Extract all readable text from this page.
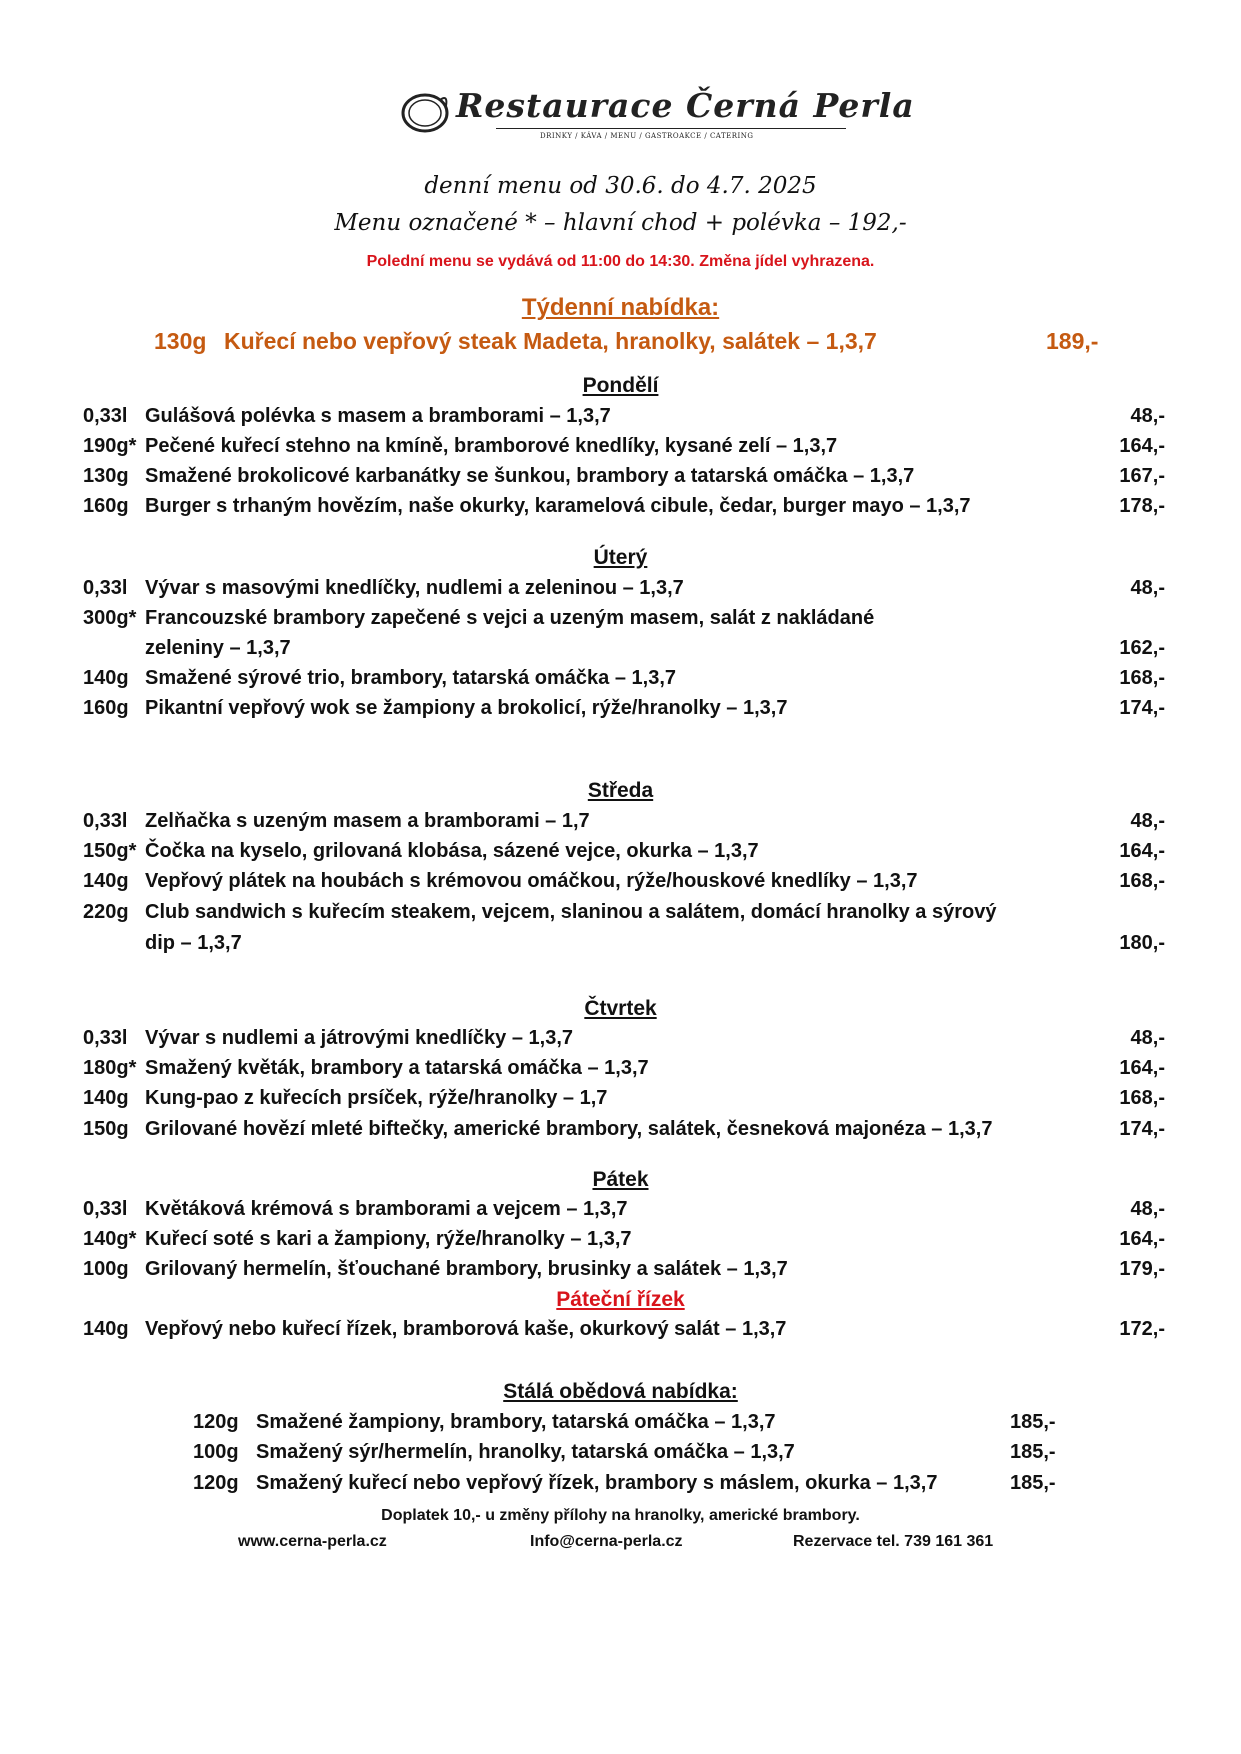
Restaurace Černá Perla
DRINKY / KÁVA / MENU / GASTROAKCE / CATERING
denní menu od 30.6. do 4.7. 2025
Menu označené * – hlavní chod + polévka – 192,-
Polední menu se vydává od 11:00 do 14:30. Změna jídel vyhrazena.
Týdenní nabídka:
130g Kuřecí nebo vepřový steak Madeta, hranolky, salátek – 1,3,7	189,-
Pondělí
0,33l Gulášová polévka s masem a bramborami – 1,3,7	48,-
190g* Pečené kuřecí stehno na kmíně, bramborové knedlíky, kysané zelí – 1,3,7	164,-
130g Smažené brokolicové karbanátky se šunkou, brambory a tatarská omáčka – 1,3,7	167,-
160g Burger s trhaným hovězím, naše okurky, karamelová cibule, čedar, burger mayo – 1,3,7	178,-
Úterý
0,33l Vývar s masovými knedlíčky, nudlemi a zeleninou – 1,3,7	48,-
300g* Francouzské brambory zapečené s vejci a uzeným masem, salát z nakládané
zeleniny – 1,3,7	162,-
140g Smažené sýrové trio, brambory, tatarská omáčka – 1,3,7	168,-
160g Pikantní vepřový wok se žampiony a brokolicí, rýže/hranolky – 1,3,7	174,-
Středa
0,33l Zelňačka s uzeným masem a bramborami – 1,7	48,-
150g* Čočka na kyselo, grilovaná klobása, sázené vejce, okurka – 1,3,7	164,-
140g Vepřový plátek na houbách s krémovou omáčkou, rýže/houskové knedlíky – 1,3,7	168,-
220g Club sandwich s kuřecím steakem, vejcem, slaninou a salátem, domácí hranolky a sýrový
dip – 1,3,7	180,-
Čtvrtek
0,33l Vývar s nudlemi a játrovými knedlíčky – 1,3,7	48,-
180g* Smažený květák, brambory a tatarská omáčka – 1,3,7	164,-
140g Kung-pao z kuřecích prsíček, rýže/hranolky – 1,7	168,-
150g Grilované hovězí mleté biftečky, americké brambory, salátek, česneková majonéza – 1,3,7	174,-
Pátek
0,33l Květáková krémová s bramborami a vejcem – 1,3,7	48,-
140g* Kuřecí soté s kari a žampiony, rýže/hranolky – 1,3,7	164,-
100g Grilovaný hermelín, šťouchané brambory, brusinky a salátek – 1,3,7	179,-
Páteční řízek
140g Vepřový nebo kuřecí řízek, bramborová kaše, okurkový salát – 1,3,7	172,-
Stálá obědová nabídka:
120g Smažené žampiony, brambory, tatarská omáčka – 1,3,7	185,-
100g Smažený sýr/hermelín, hranolky, tatarská omáčka – 1,3,7	185,-
120g Smažený kuřecí nebo vepřový řízek, brambory s máslem, okurka – 1,3,7	185,-
Doplatek 10,- u změny přílohy na hranolky, americké brambory.
www.cerna-perla.cz	Info@cerna-perla.cz	Rezervace tel. 739 161 361
